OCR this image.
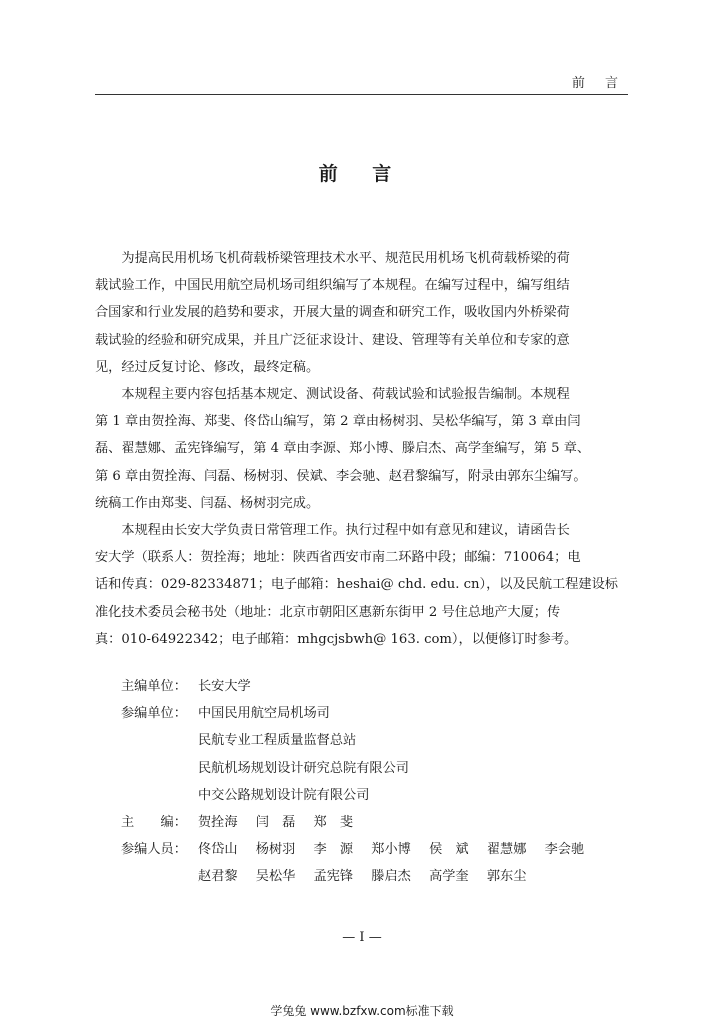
前 言
前 言

为提高民用机场飞机荷载桥梁管理技术水平、规范民用机场飞机荷载桥梁的荷
载试验工作，中国民用航空局机场司组织编写了本规程。在编写过程中，编写组结
合国家和行业发展的趋势和要求，开展大量的调查和研究工作，吸收国内外桥梁荷
载试验的经验和研究成果，并且广泛征求设计、建设、管理等有关单位和专家的意
见，经过反复讨论、修改，最终定稿。

本规程主要内容包括基本规定、测试设备、荷载试验和试验报告编制。本规程
第 1 章由贺拴海、郑斐、佟岱山编写，第 2 章由杨树羽、吴松华编写，第 3 章由闫
磊、翟慧娜、孟宪锋编写，第 4 章由李源、郑小博、滕启杰、高学奎编写，第 5 章、
第 6 章由贺拴海、闫磊、杨树羽、侯斌、李会驰、赵君黎编写，附录由郭东尘编写。
统稿工作由郑斐、闫磊、杨树羽完成。

本规程由长安大学负责日常管理工作。执行过程中如有意见和建议，请函告长
安大学（联系人：贺拴海；地址：陕西省西安市南二环路中段；邮编：710064；电
话和传真：029-82334871；电子邮箱：heshai@ chd. edu. cn），以及民航工程建设标
准化技术委员会秘书处（地址：北京市朝阳区惠新东街甲 2 号住总地产大厦；传
真：010-64922342；电子邮箱：mhgcjsbwh@ 163. com），以便修订时参考。

主编单位： 长安大学
参编单位： 中国民用航空局机场司
民航专业工程质量监督总站
民航机场规划设计研究总院有限公司
中交公路规划设计院有限公司
主　　编： 贺拴海 闫　磊 郑　斐
参编人员： 佟岱山 杨树羽 李　源 郑小博 侯　斌 翟慧娜 李会驰
赵君黎 吴松华 孟宪锋 滕启杰 高学奎 郭东尘
— I —
学兔兔 www.bzfxw.com标准下载
